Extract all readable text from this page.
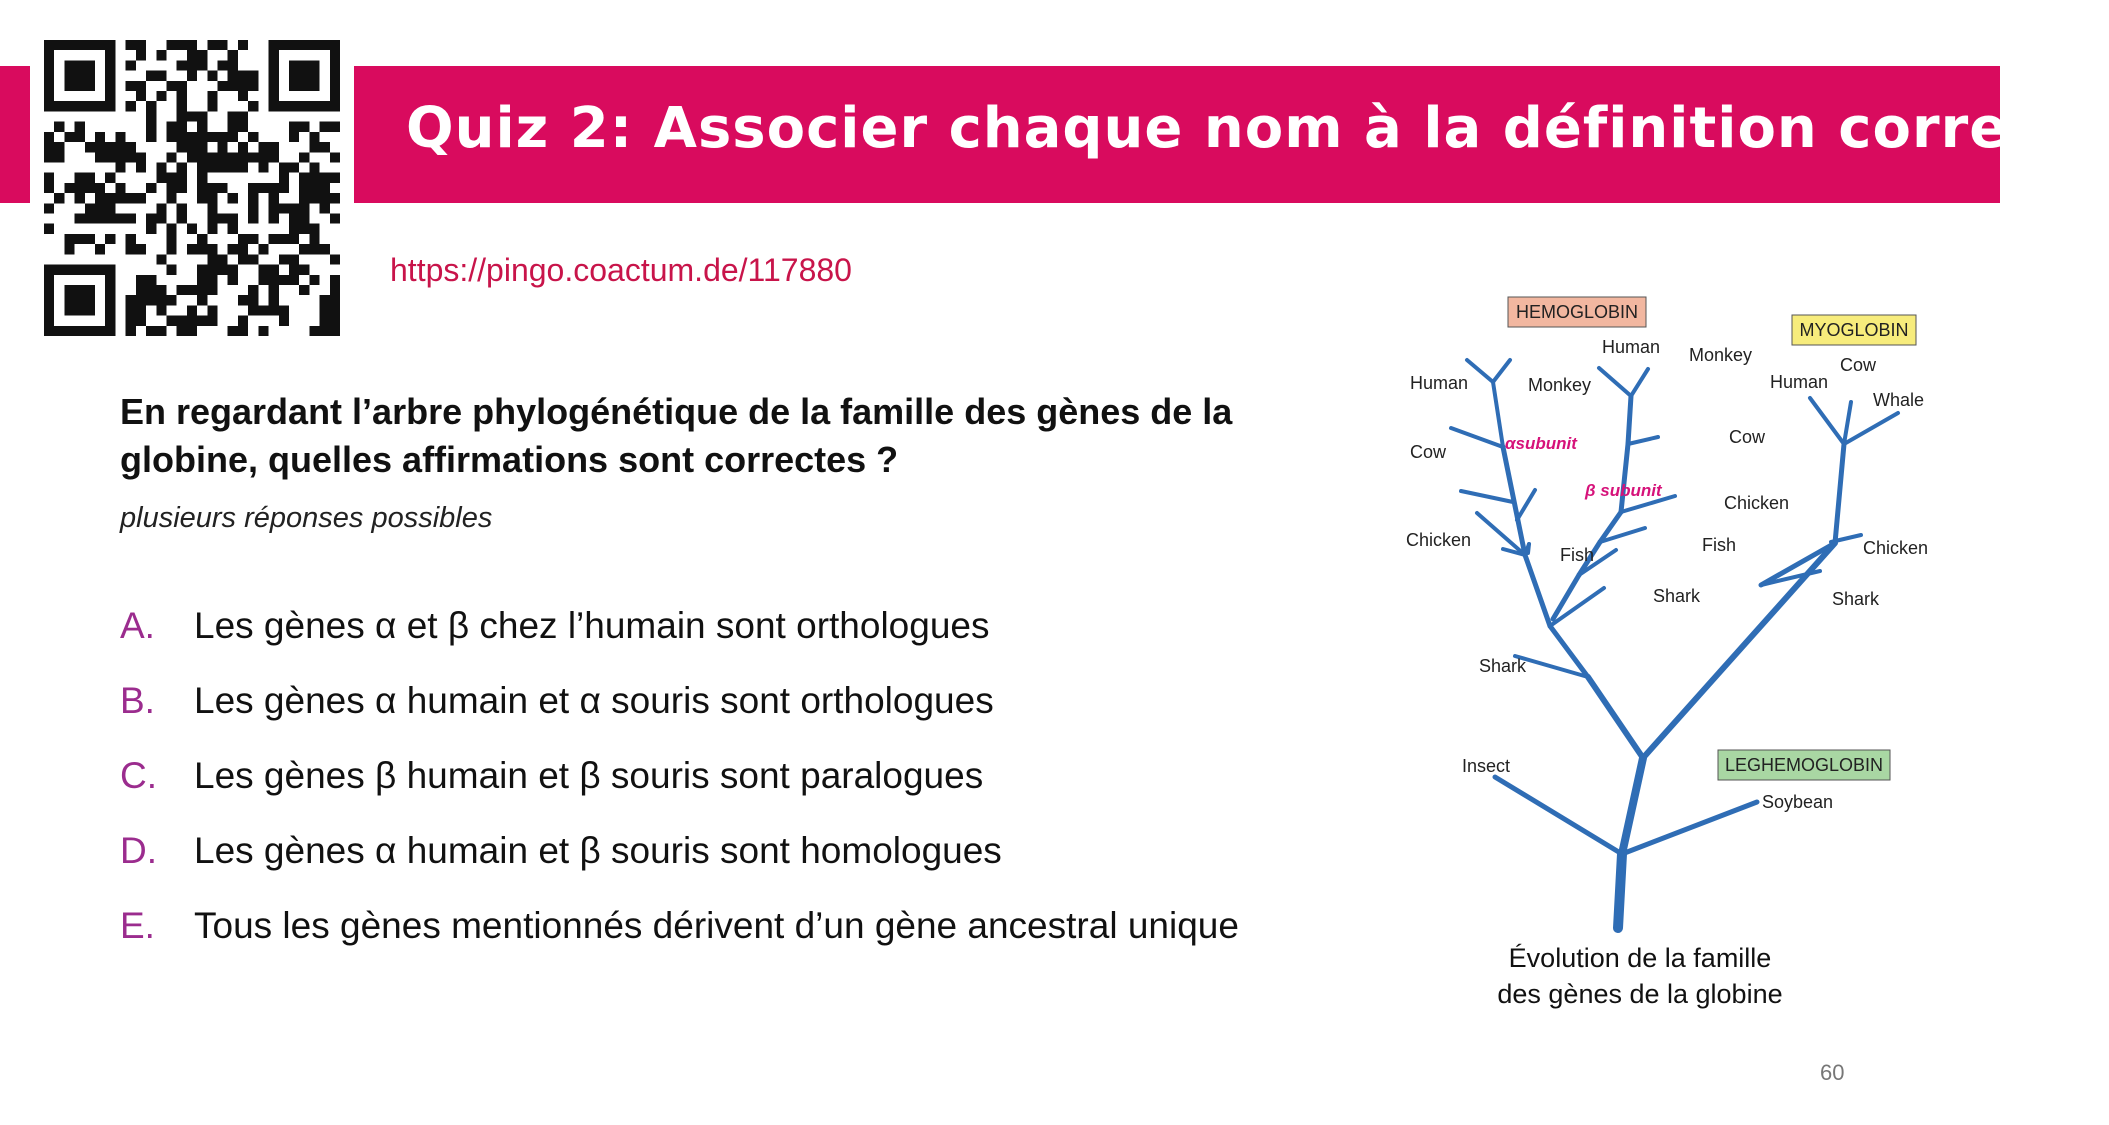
Quiz 2: Associer chaque nom à la définition correcte
https://pingo.coactum.de/117880
En regardant l’arbre phylogénétique de la famille des gènes de la globine, quelles affirmations sont correctes ?
plusieurs réponses possibles
A.	Les gènes α et β chez l’humain sont orthologues
B.	Les gènes α humain et α souris sont orthologues
C.	Les gènes β humain et β souris sont paralogues
D.	Les gènes α humain et β souris sont homologues
E.	Tous les gènes mentionnés dérivent d’un gène ancestral unique
HEMOGLOBIN
MYOGLOBIN
LEGHEMOGLOBIN
αsubunit
β subunit
Human	Monkey
Cow
Chicken
Fish
Shark
Human Monkey
Cow
Chicken
Fish
Shark
Human
Cow
Whale
Chicken
Shark
Insect
Soybean
Évolution de la famille
des gènes de la globine
60
